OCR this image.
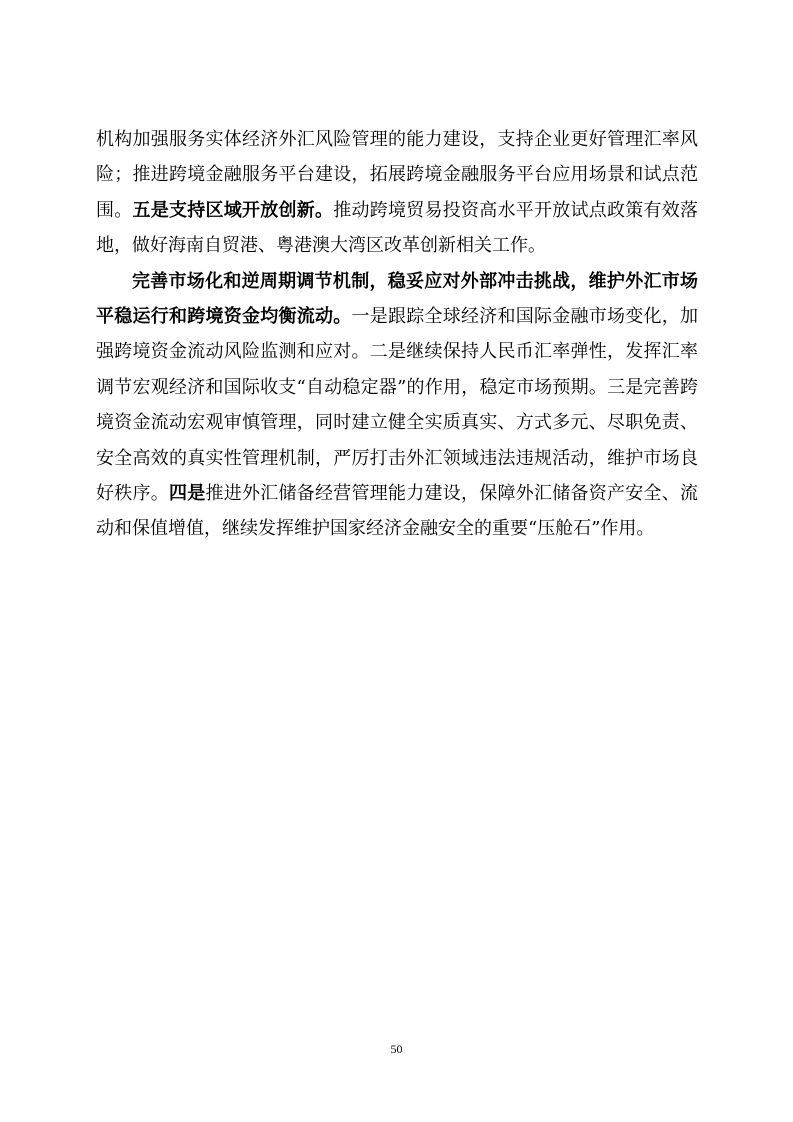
机构加强服务实体经济外汇风险管理的能力建设，支持企业更好管理汇率风险；推进跨境金融服务平台建设，拓展跨境金融服务平台应用场景和试点范围。五是支持区域开放创新。推动跨境贸易投资高水平开放试点政策有效落地，做好海南自贸港、粤港澳大湾区改革创新相关工作。

完善市场化和逆周期调节机制，稳妥应对外部冲击挑战，维护外汇市场平稳运行和跨境资金均衡流动。一是跟踪全球经济和国际金融市场变化，加强跨境资金流动风险监测和应对。二是继续保持人民币汇率弹性，发挥汇率调节宏观经济和国际收支“自动稳定器”的作用，稳定市场预期。三是完善跨境资金流动宏观审慎管理，同时建立健全实质真实、方式多元、尽职免责、安全高效的真实性管理机制，严厉打击外汇领域违法违规活动，维护市场良好秩序。四是推进外汇储备经营管理能力建设，保障外汇储备资产安全、流动和保值增值，继续发挥维护国家经济金融安全的重要“压舱石”作用。

50
